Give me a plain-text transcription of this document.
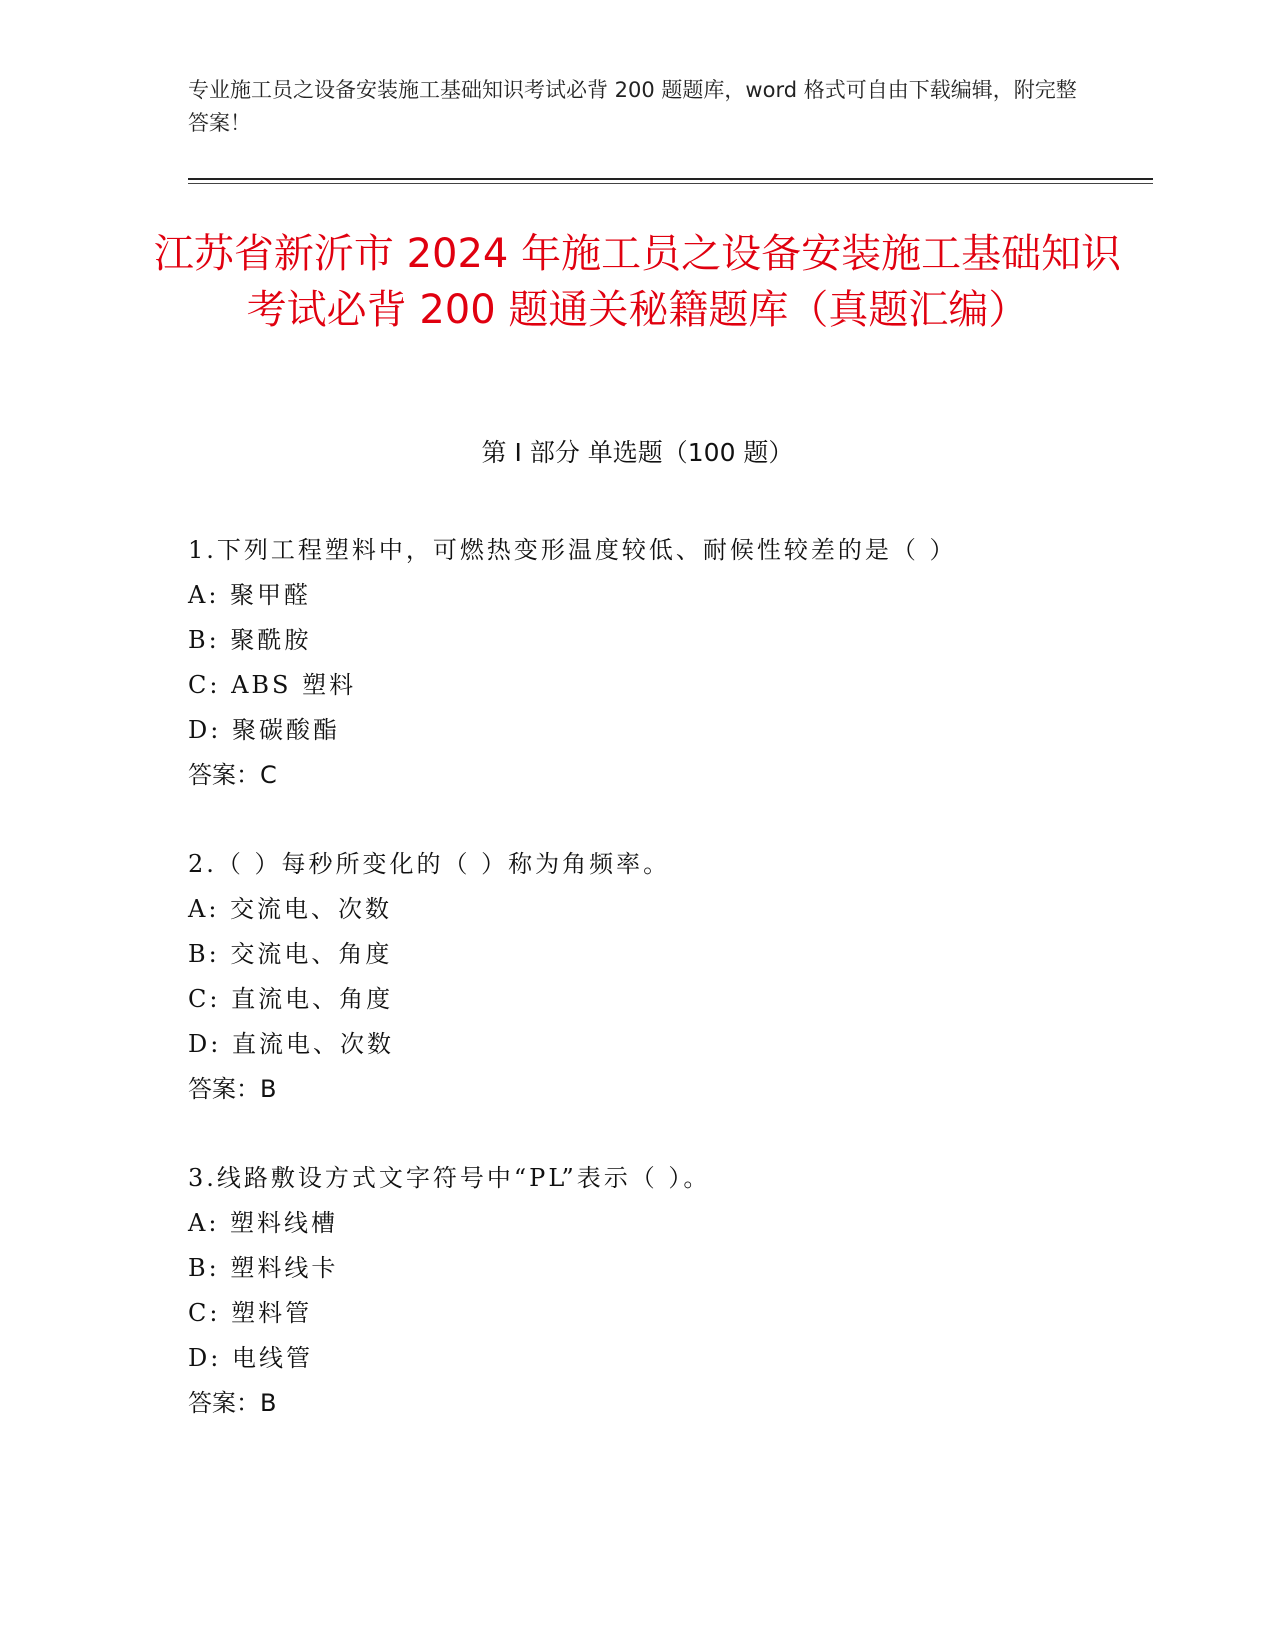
专业施工员之设备安装施工基础知识考试必背 200 题题库，word 格式可自由下载编辑，附完整答案！
江苏省新沂市 2024 年施工员之设备安装施工基础知识考试必背 200 题通关秘籍题库（真题汇编）
第 I 部分 单选题（100 题）
1.下列工程塑料中，可燃热变形温度较低、耐候性较差的是（ ）
A: 聚甲醛
B: 聚酰胺
C: ABS 塑料
D: 聚碳酸酯
答案：C
2.（ ）每秒所变化的（ ）称为角频率。
A: 交流电、次数
B: 交流电、角度
C: 直流电、角度
D: 直流电、次数
答案：B
3.线路敷设方式文字符号中“PL”表示（ ）。
A: 塑料线槽
B: 塑料线卡
C: 塑料管
D: 电线管
答案：B
